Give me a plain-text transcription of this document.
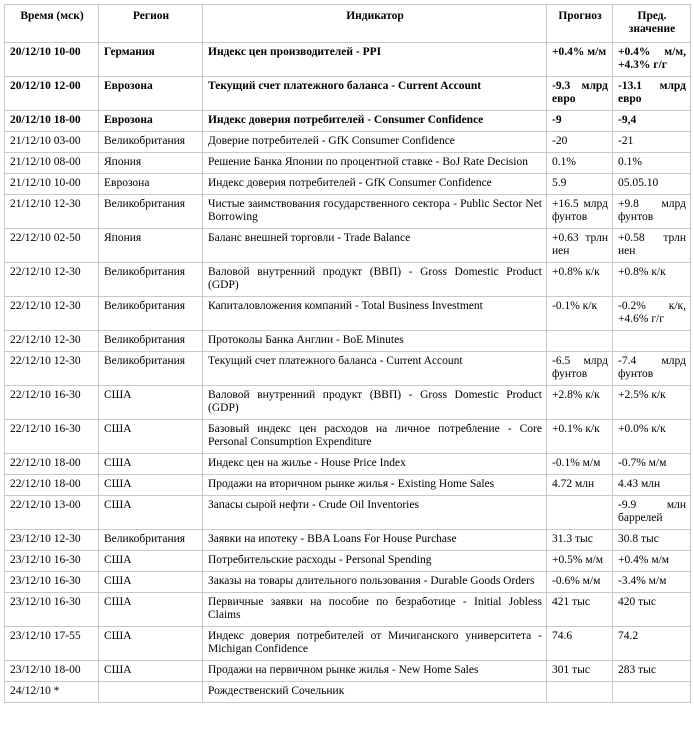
Время (мск)	Регион	Индикатор	Прогноз	Пред. значение
20/12/10 10-00	Германия	Индекс цен производителей - PPI	+0.4% м/м	+0.4% м/м, +4.3% г/г
20/12/10 12-00	Еврозона	Текущий счет платежного баланса - Current Account	-9.3 млрд евро	-13.1 млрд евро
20/12/10 18-00	Еврозона	Индекс доверия потребителей - Consumer Confidence	-9	-9,4
21/12/10 03-00	Великобритания	Доверие потребителей - GfK Consumer Confidence	-20	-21
21/12/10 08-00	Япония	Решение Банка Японии по процентной ставке - BoJ Rate Decision	0.1%	0.1%
21/12/10 10-00	Еврозона	Индекс доверия потребителей - GfK Consumer Confidence	5.9	05.05.10
21/12/10 12-30	Великобритания	Чистые заимствования государственного сектора - Public Sector Net Borrowing	+16.5 млрд фунтов	+9.8 млрд фунтов
22/12/10 02-50	Япония	Баланс внешней торговли - Trade Balance	+0.63 трлн иен	+0.58 трлн иен
22/12/10 12-30	Великобритания	Валовой внутренний продукт (ВВП) - Gross Domestic Product (GDP)	+0.8% к/к	+0.8% к/к
22/12/10 12-30	Великобритания	Капиталовложения компаний - Total Business Investment	-0.1% к/к	-0.2% к/к, +4.6% г/г
22/12/10 12-30	Великобритания	Протоколы Банка Англии - BoE Minutes		
22/12/10 12-30	Великобритания	Текущий счет платежного баланса - Current Account	-6.5 млрд фунтов	-7.4 млрд фунтов
22/12/10 16-30	США	Валовой внутренний продукт (ВВП) - Gross Domestic Product (GDP)	+2.8% к/к	+2.5% к/к
22/12/10 16-30	США	Базовый индекс цен расходов на личное потребление - Core Personal Consumption Expenditure	+0.1% к/к	+0.0% к/к
22/12/10 18-00	США	Индекс цен на жилье - House Price Index	-0.1% м/м	-0.7% м/м
22/12/10 18-00	США	Продажи на вторичном рынке жилья - Existing Home Sales	4.72 млн	4.43 млн
22/12/10 13-00	США	Запасы сырой нефти - Crude Oil Inventories		-9.9 млн баррелей
23/12/10 12-30	Великобритания	Заявки на ипотеку - BBA Loans For House Purchase	31.3 тыс	30.8 тыс
23/12/10 16-30	США	Потребительские расходы - Personal Spending	+0.5% м/м	+0.4% м/м
23/12/10 16-30	США	Заказы на товары длительного пользования - Durable Goods Orders	-0.6% м/м	-3.4% м/м
23/12/10 16-30	США	Первичные заявки на пособие по безработице - Initial Jobless Claims	421 тыс	420 тыс
23/12/10 17-55	США	Индекс доверия потребителей от Мичиганского университета - Michigan Confidence	74.6	74.2
23/12/10 18-00	США	Продажи на первичном рынке жилья - New Home Sales	301 тыс	283 тыс
24/12/10 *		Рождественский Сочельник		
